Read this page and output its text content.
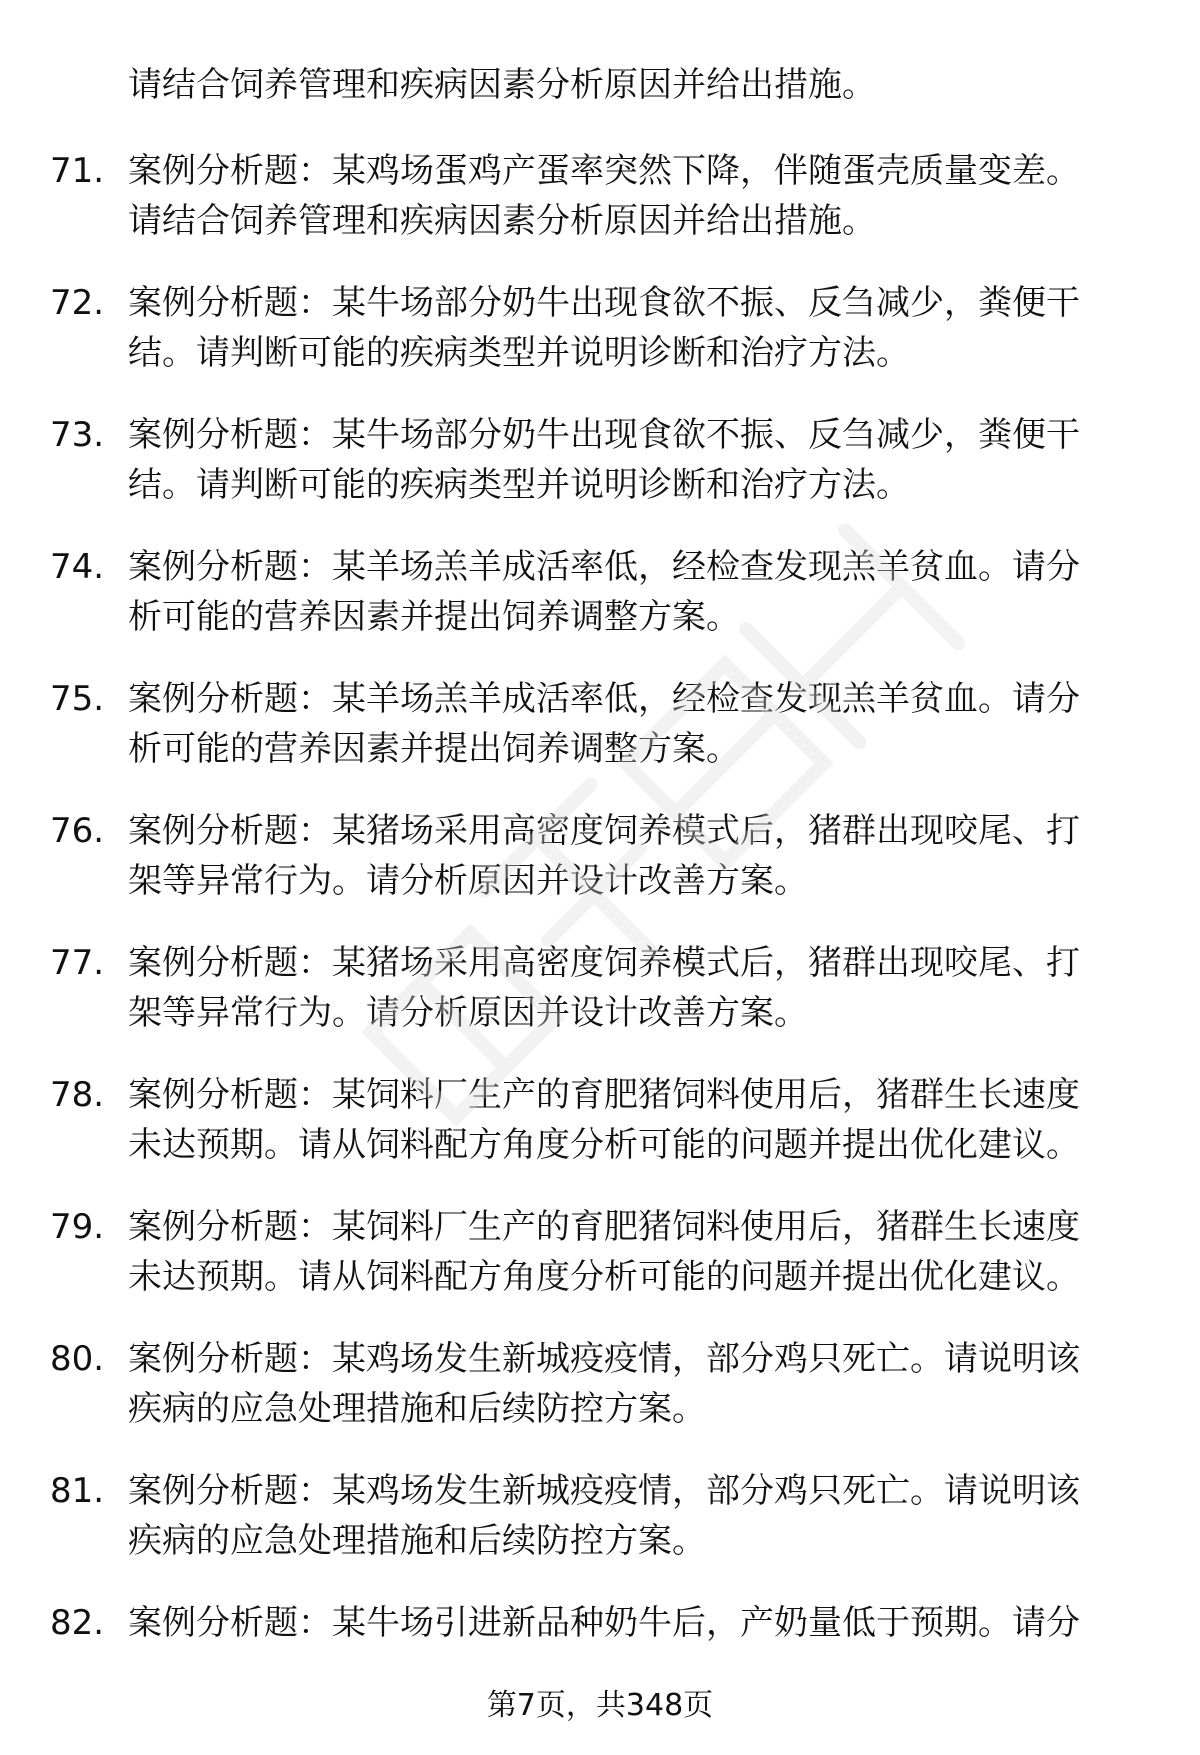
请结合饲养管理和疾病因素分析原因并给出措施。
71. 案例分析题：某鸡场蛋鸡产蛋率突然下降，伴随蛋壳质量变差。
请结合饲养管理和疾病因素分析原因并给出措施。
72. 案例分析题：某牛场部分奶牛出现食欲不振、反刍减少，粪便干
结。请判断可能的疾病类型并说明诊断和治疗方法。
73. 案例分析题：某牛场部分奶牛出现食欲不振、反刍减少，粪便干
结。请判断可能的疾病类型并说明诊断和治疗方法。
74. 案例分析题：某羊场羔羊成活率低，经检查发现羔羊贫血。请分
析可能的营养因素并提出饲养调整方案。
75. 案例分析题：某羊场羔羊成活率低，经检查发现羔羊贫血。请分
析可能的营养因素并提出饲养调整方案。
76. 案例分析题：某猪场采用高密度饲养模式后，猪群出现咬尾、打
架等异常行为。请分析原因并设计改善方案。
77. 案例分析题：某猪场采用高密度饲养模式后，猪群出现咬尾、打
架等异常行为。请分析原因并设计改善方案。
78. 案例分析题：某饲料厂生产的育肥猪饲料使用后，猪群生长速度
未达预期。请从饲料配方角度分析可能的问题并提出优化建议。
79. 案例分析题：某饲料厂生产的育肥猪饲料使用后，猪群生长速度
未达预期。请从饲料配方角度分析可能的问题并提出优化建议。
80. 案例分析题：某鸡场发生新城疫疫情，部分鸡只死亡。请说明该
疾病的应急处理措施和后续防控方案。
81. 案例分析题：某鸡场发生新城疫疫情，部分鸡只死亡。请说明该
疾病的应急处理措施和后续防控方案。
82. 案例分析题：某牛场引进新品种奶牛后，产奶量低于预期。请分
第7页，共348页
